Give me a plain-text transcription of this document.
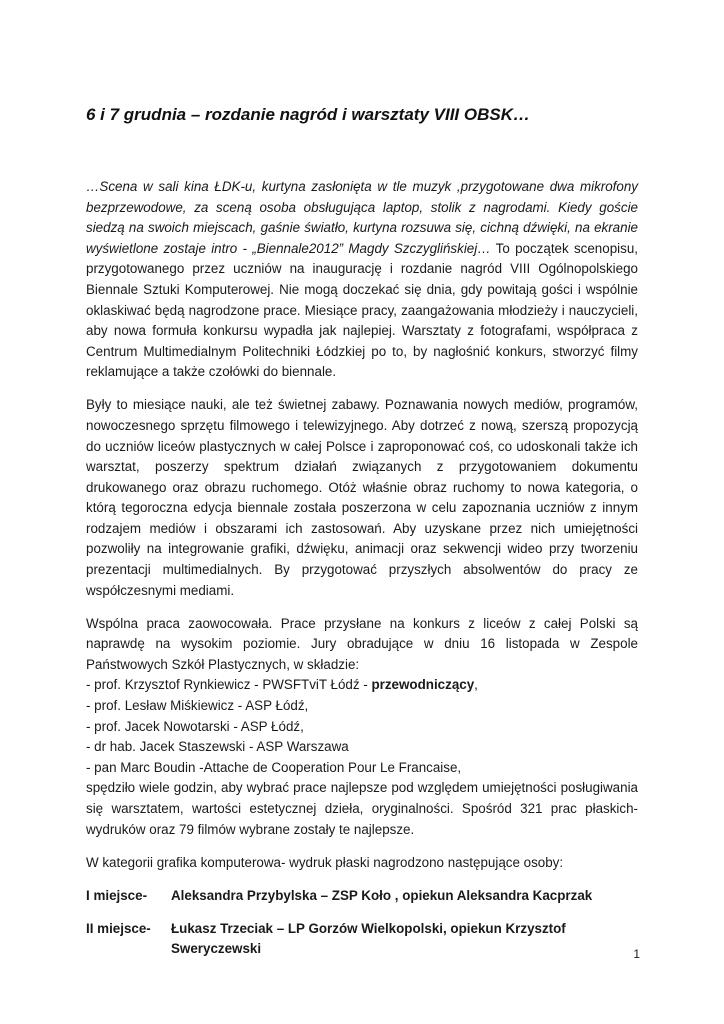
6 i 7 grudnia – rozdanie nagród i warsztaty VIII OBSK…

…Scena w sali kina ŁDK-u, kurtyna zasłonięta w tle muzyk ,przygotowane dwa mikrofony bezprzewodowe, za sceną osoba obsługująca laptop, stolik z nagrodami. Kiedy goście siedzą na swoich miejscach, gaśnie światło, kurtyna rozsuwa się, cichną dźwięki, na ekranie wyświetlone zostaje intro - „Biennale2012” Magdy Szczyglińskiej… To początek scenopisu, przygotowanego przez uczniów na inaugurację i rozdanie nagród VIII Ogólnopolskiego Biennale Sztuki Komputerowej. Nie mogą doczekać się dnia, gdy powitają gości i wspólnie oklaskiwać będą nagrodzone prace. Miesiące pracy, zaangażowania młodzieży i nauczycieli, aby nowa formuła konkursu wypadła jak najlepiej. Warsztaty z fotografami, współpraca z Centrum Multimedialnym Politechniki Łódzkiej po to, by nagłośnić konkurs, stworzyć filmy reklamujące a także czołówki do biennale.

Były to miesiące nauki, ale też świetnej zabawy. Poznawania nowych mediów, programów, nowoczesnego sprzętu filmowego i telewizyjnego. Aby dotrzeć z nową, szerszą propozycją do uczniów liceów plastycznych w całej Polsce i zaproponować coś, co udoskonali także ich warsztat, poszerzy spektrum działań związanych z przygotowaniem dokumentu drukowanego oraz obrazu ruchomego. Otóż właśnie obraz ruchomy to nowa kategoria, o którą tegoroczna edycja biennale została poszerzona w celu zapoznania uczniów z innym rodzajem mediów i obszarami ich zastosowań. Aby uzyskane przez nich umiejętności pozwoliły na integrowanie grafiki, dźwięku, animacji oraz sekwencji wideo przy tworzeniu prezentacji multimedialnych. By przygotować przyszłych absolwentów do pracy ze współczesnymi mediami.

Wspólna praca zaowocowała. Prace przysłane na konkurs z liceów z całej Polski są naprawdę na wysokim poziomie. Jury obradujące w dniu 16 listopada w Zespole Państwowych Szkół Plastycznych, w składzie:
- prof. Krzysztof Rynkiewicz - PWSFTviT Łódź - przewodniczący,
- prof. Lesław Miśkiewicz - ASP Łódź,
- prof. Jacek Nowotarski - ASP Łódź,
- dr hab. Jacek Staszewski - ASP Warszawa
- pan Marc Boudin -Attache de Cooperation Pour Le Francaise,
spędziło wiele godzin, aby wybrać prace najlepsze pod względem umiejętności posługiwania się warsztatem, wartości estetycznej dzieła, oryginalności. Spośród 321 prac płaskich-wydruków oraz 79 filmów wybrane zostały te najlepsze.

W kategorii grafika komputerowa- wydruk płaski nagrodzono następujące osoby:

I miejsce-	Aleksandra Przybylska – ZSP Koło , opiekun Aleksandra Kacprzak
II miejsce-	Łukasz Trzeciak – LP Gorzów Wielkopolski, opiekun Krzysztof Sweryczewski	1
